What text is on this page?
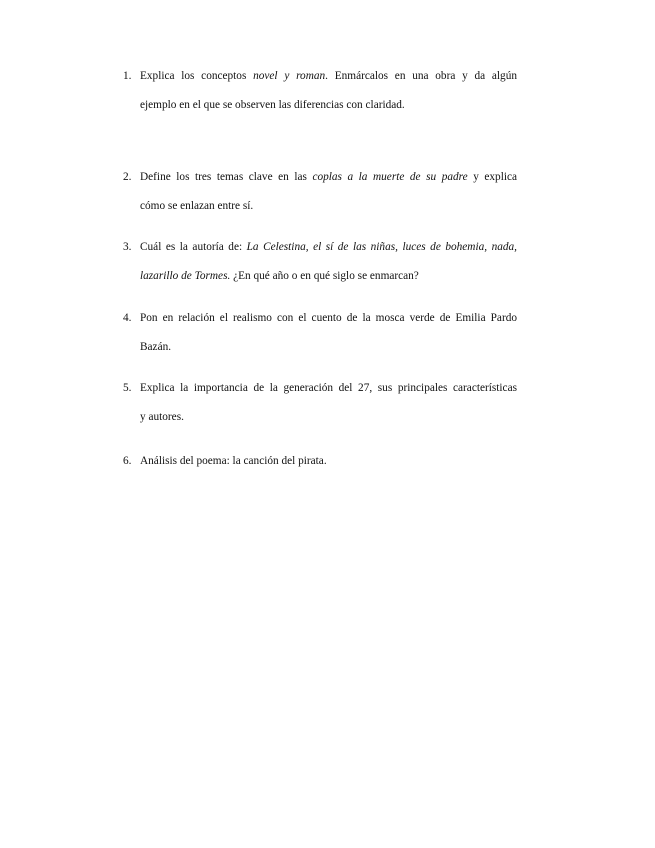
1. Explica los conceptos novel y roman. Enmárcalos en una obra y da algún
ejemplo en el que se observen las diferencias con claridad.
2. Define los tres temas clave en las coplas a la muerte de su padre y explica
cómo se enlazan entre sí.
3. Cuál es la autoría de: La Celestina, el sí de las niñas, luces de bohemia, nada,
lazarillo de Tormes. ¿En qué año o en qué siglo se enmarcan?
4. Pon en relación el realismo con el cuento de la mosca verde de Emilia Pardo
Bazán.
5. Explica la importancia de la generación del 27, sus principales características
y autores.
6. Análisis del poema: la canción del pirata.
